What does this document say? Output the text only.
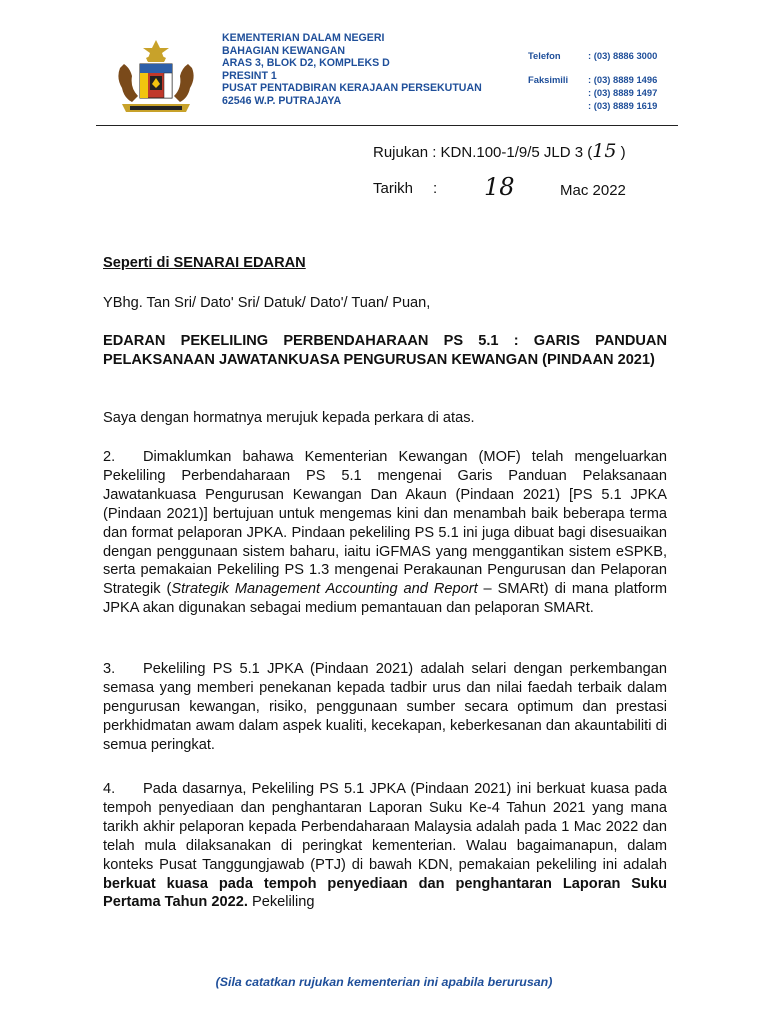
KEMENTERIAN DALAM NEGERI
BAHAGIAN KEWANGAN
ARAS 3, BLOK D2, KOMPLEKS D
PRESINT 1
PUSAT PENTADBIRAN KERAJAAN PERSEKUTUAN
62546 W.P. PUTRAJAYA
Telefon	: (03) 8886 3000
Faksimili : (03) 8889 1496
: (03) 8889 1497
: (03) 8889 1619
Rujukan : KDN.100-1/9/5 JLD 3 (15 )
Tarikh : 18	Mac 2022
Seperti di SENARAI EDARAN
YBhg. Tan Sri/ Dato' Sri/ Datuk/ Dato'/ Tuan/ Puan,
EDARAN PEKELILING PERBENDAHARAAN PS 5.1 : GARIS PANDUAN PELAKSANAAN JAWATANKUASA PENGURUSAN KEWANGAN (PINDAAN 2021)
Saya dengan hormatnya merujuk kepada perkara di atas.
2. Dimaklumkan bahawa Kementerian Kewangan (MOF) telah mengeluarkan Pekeliling Perbendaharaan PS 5.1 mengenai Garis Panduan Pelaksanaan Jawatankuasa Pengurusan Kewangan Dan Akaun (Pindaan 2021) [PS 5.1 JPKA (Pindaan 2021)] bertujuan untuk mengemas kini dan menambah baik beberapa terma dan format pelaporan JPKA. Pindaan pekeliling PS 5.1 ini juga dibuat bagi disesuaikan dengan penggunaan sistem baharu, iaitu iGFMAS yang menggantikan sistem eSPKB, serta pemakaian Pekeliling PS 1.3 mengenai Perakaunan Pengurusan dan Pelaporan Strategik (Strategik Management Accounting and Report – SMARt) di mana platform JPKA akan digunakan sebagai medium pemantauan dan pelaporan SMARt.
3. Pekeliling PS 5.1 JPKA (Pindaan 2021) adalah selari dengan perkembangan semasa yang memberi penekanan kepada tadbir urus dan nilai faedah terbaik dalam pengurusan kewangan, risiko, penggunaan sumber secara optimum dan prestasi perkhidmatan awam dalam aspek kualiti, kecekapan, keberkesanan dan akauntabiliti di semua peringkat.
4. Pada dasarnya, Pekeliling PS 5.1 JPKA (Pindaan 2021) ini berkuat kuasa pada tempoh penyediaan dan penghantaran Laporan Suku Ke-4 Tahun 2021 yang mana tarikh akhir pelaporan kepada Perbendaharaan Malaysia adalah pada 1 Mac 2022 dan telah mula dilaksanakan di peringkat kementerian. Walau bagaimanapun, dalam konteks Pusat Tanggungjawab (PTJ) di bawah KDN, pemakaian pekeliling ini adalah berkuat kuasa pada tempoh penyediaan dan penghantaran Laporan Suku Pertama Tahun 2022. Pekeliling
(Sila catatkan rujukan kementerian ini apabila berurusan)
